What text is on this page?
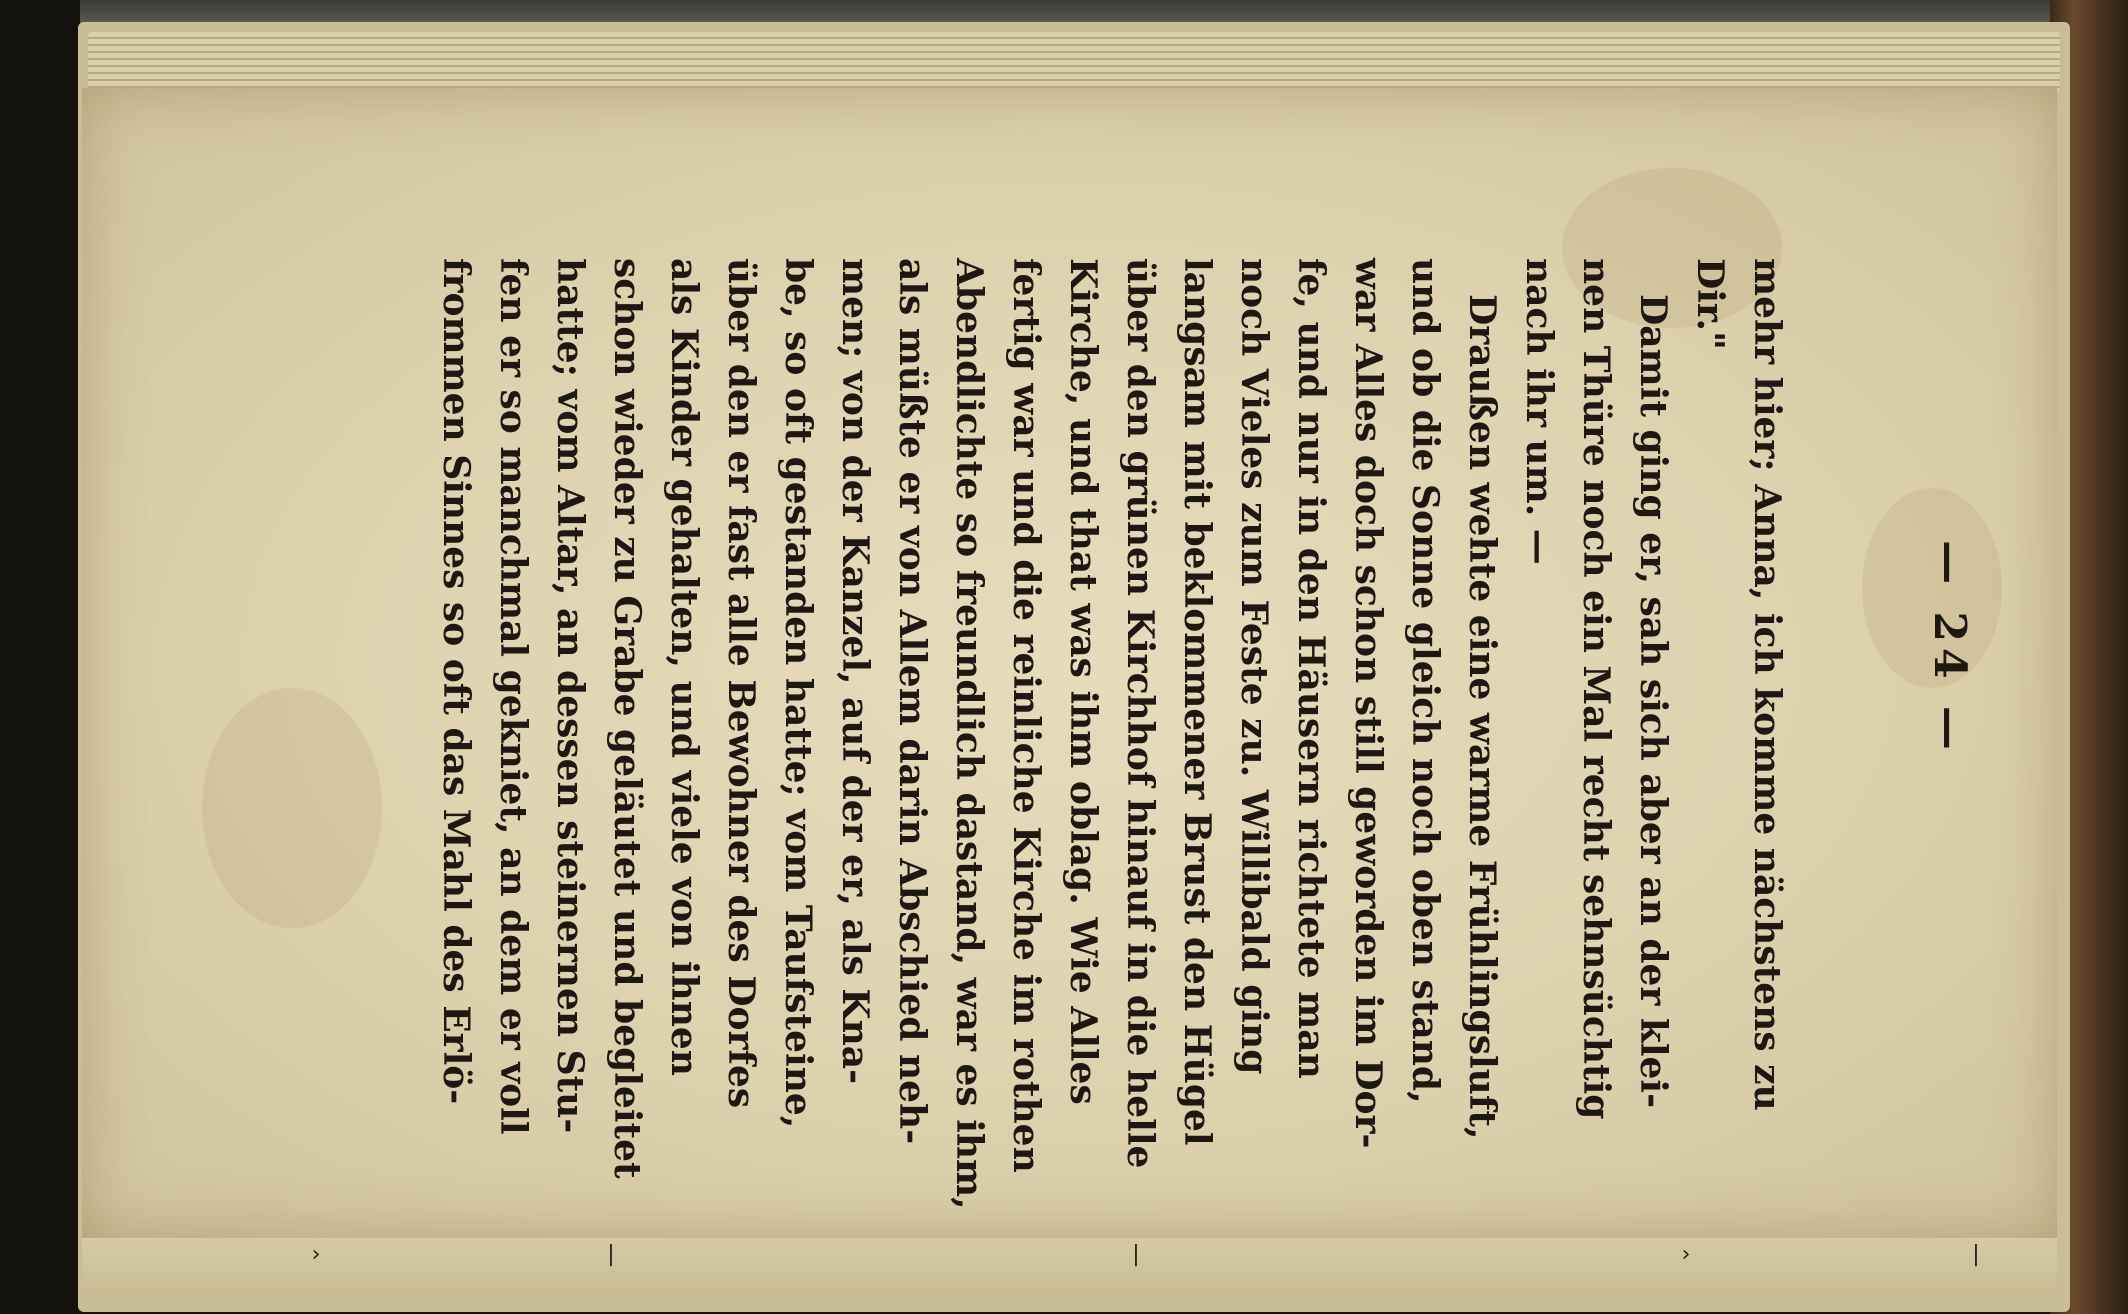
›	|	|	›	|
— 24 —
mehr hier; Anna, ich komme nächstens zu
Dir."
Damit ging er, sah sich aber an der klei-
nen Thüre noch ein Mal recht sehnsüchtig
nach ihr um. —
Draußen wehte eine warme Frühlingsluft,
und ob die Sonne gleich noch oben stand,
war Alles doch schon still geworden im Dor-
fe, und nur in den Häusern richtete man
noch Vieles zum Feste zu. Willibald ging
langsam mit beklommener Brust den Hügel
über den grünen Kirchhof hinauf in die helle
Kirche, und that was ihm oblag. Wie Alles
fertig war und die reinliche Kirche im rothen
Abendlichte so freundlich dastand, war es ihm,
als müßte er von Allem darin Abschied neh-
men; von der Kanzel, auf der er, als Kna-
be, so oft gestanden hatte; vom Taufsteine,
über den er fast alle Bewohner des Dorfes
als Kinder gehalten, und viele von ihnen
schon wieder zu Grabe geläutet und begleitet
hatte; vom Altar, an dessen steinernen Stu-
fen er so manchmal gekniet, an dem er voll
frommen Sinnes so oft das Mahl des Erlö-
